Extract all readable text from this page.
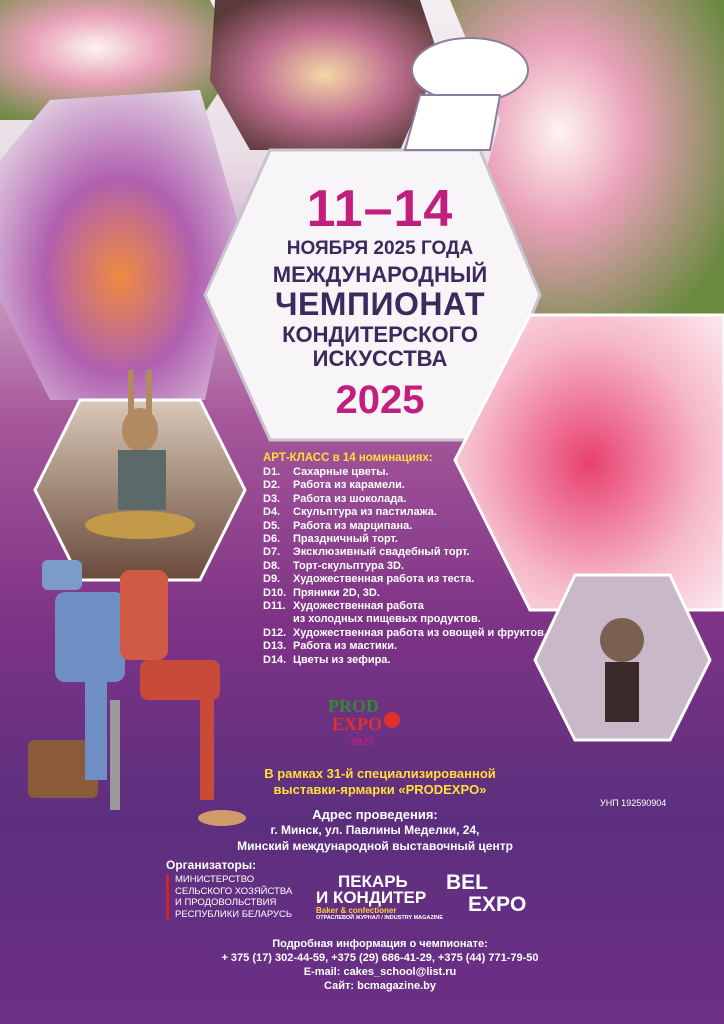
11–14
НОЯБРЯ 2025 ГОДА
МЕЖДУНАРОДНЫЙ
ЧЕМПИОНАТ
КОНДИТЕРСКОГО
ИСКУССТВА
2025
АРТ-КЛАСС в 14 номинациях:
D1.	Сахарные цветы.
D2.	Работа из карамели.
D3.	Работа из шоколада.
D4.	Скульптура из пастилажа.
D5.	Работа из марципана.
D6.	Праздничный торт.
D7.	Эксклюзивный свадебный торт.
D8.	Торт-скульптура 3D.
D9.	Художественная работа из теста.
D10. Пряники 2D, 3D.
D11. Художественная работа
из холодных пищевых продуктов.
D12. Художественная работа из овощей и фруктов.
D13. Работа из мастики.
D14. Цветы из зефира.
PROD
EXPO
2025
В рамках 31-й специализированной
выставки-ярмарки «PRODEXPO»
УНП 192590904
Адрес проведения:
г. Минск, ул. Павлины Меделки, 24,
Минский международной выставочный центр
Организаторы:
МИНИСТЕРСТВО
СЕЛЬСКОГО ХОЗЯЙСТВА
И ПРОДОВОЛЬСТВИЯ
РЕСПУБЛИКИ БЕЛАРУСЬ
ПЕКАРЬ
И КОНДИТЕР
Baker & confectioner
ОТРАСЛЕВОЙ ЖУРНАЛ / INDUSTRY MAGAZINE
BEL
EXPO
Подробная информация о чемпионате:
+ 375 (17) 302-44-59, +375 (29) 686-41-29, +375 (44) 771-79-50
E-mail: cakes_school@list.ru
Сайт: bcmagazine.by
